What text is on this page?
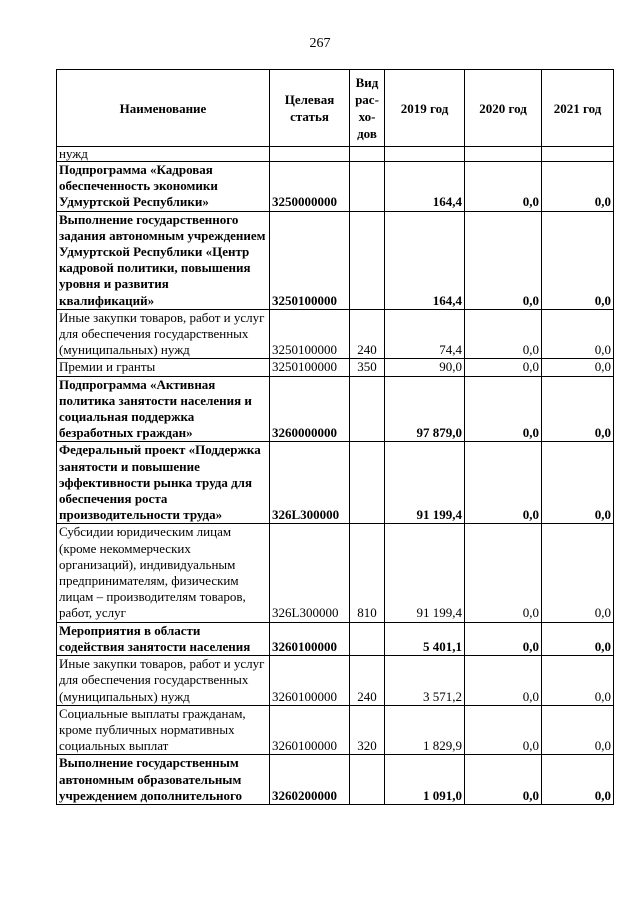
267
Наименование	Целевая статья	Вид рас- хо- дов	2019 год	2020 год	2021 год
нужд					
Подпрограмма «Кадровая обеспеченность экономики Удмуртской Республики»	3250000000		164,4	0,0	0,0
Выполнение государственного задания автономным учреждением Удмуртской Республики «Центр кадровой политики, повышения уровня и развития квалификаций»	3250100000		164,4	0,0	0,0
Иные закупки товаров, работ и услуг для обеспечения государственных (муниципальных) нужд	3250100000	240	74,4	0,0	0,0
Премии и гранты	3250100000	350	90,0	0,0	0,0
Подпрограмма «Активная политика занятости населения и социальная поддержка безработных граждан»	3260000000		97 879,0	0,0	0,0
Федеральный проект «Поддержка занятости и повышение эффективности рынка труда для обеспечения роста производительности труда»	326L300000		91 199,4	0,0	0,0
Субсидии юридическим лицам (кроме некоммерческих организаций), индивидуальным предпринимателям, физическим лицам – производителям товаров, работ, услуг	326L300000	810	91 199,4	0,0	0,0
Мероприятия в области содействия занятости населения	3260100000		5 401,1	0,0	0,0
Иные закупки товаров, работ и услуг для обеспечения государственных (муниципальных) нужд	3260100000	240	3 571,2	0,0	0,0
Социальные выплаты гражданам, кроме публичных нормативных социальных выплат	3260100000	320	1 829,9	0,0	0,0
Выполнение государственным автономным образовательным учреждением дополнительного	3260200000		1 091,0	0,0	0,0
